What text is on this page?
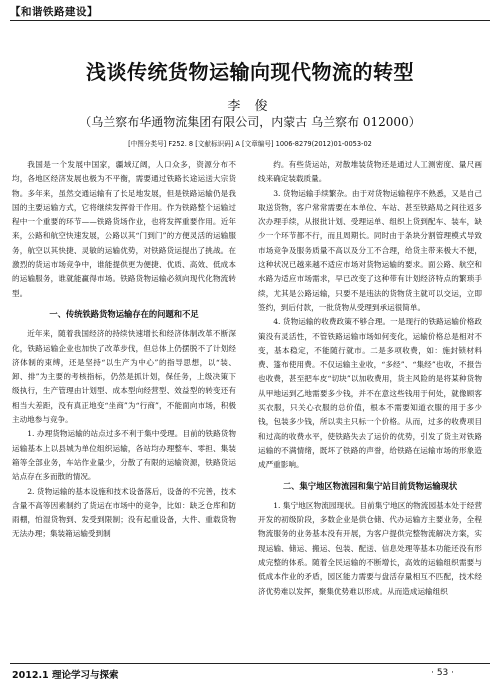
【和谐铁路建设】
浅谈传统货物运输向现代物流的转型
李 俊
（乌兰察布华通物流集团有限公司，内蒙古 乌兰察布 012000）
[中图分类号] F252. 8 [文献标识码] A [文章编号] 1006-8279(2012)01-0053-02

我国是一个发展中国家，疆域辽阔，人口众多，资源分布不均，各地区经济发展也极为不平衡，需要通过铁路长途运送大宗货物。多年来，虽然交通运输有了长足地发展，但是铁路运输仍是我国的主要运输方式，它将继续发挥骨干作用。作为铁路整个运输过程中一个重要的环节——铁路货场作业，也将发挥重要作用。近年来，公路和航空快速发展，公路以其“门到门”的方便灵活的运输服务，航空以其快捷、灵敏的运输优势，对铁路货运提出了挑战。在激烈的货运市场竞争中，谁能提供更为便捷、优质、高效、低成本的运输服务，谁就能赢得市场。铁路货物运输必须向现代化物流转型。

一、传统铁路货物运输存在的问题和不足

近年来，随着我国经济的持续快速增长和经济体制改革不断深化，铁路运输企业也加快了改革步伐，但总体上仍摆脱不了计划经济体制的束缚，还是坚持“以生产为中心”的指导思想，以“装、卸、排”为主要的考核指标，仍然是抓计划，保任务，上级决策下级执行，生产管理由计划型、成本型向经营型、效益型的转变还有相当大差距，没有真正地变“坐商”为“行商”，不能面向市场，积极主动地参与竞争。

1. 办理货物运输的站点过多不利于集中受理。目前的铁路货物运输基本上以县城为单位组织运输，各站均办理整车、零担、集装箱等全部业务，车站作业量少，分散了有限的运输资源，铁路货运站点存在多而散的情况。

2. 货物运输的基本设施和技术设备落后，设备的不完善，技术含量不高等因素制约了货运在市场中的竞争，比如：缺乏仓库和防雨棚，怕湿货物到、发受到限制；没有起重设备，大件、重载货物无法办理；集装箱运输受到制

约。有些货运站，对散堆装货物还是通过人工测密度、量尺画线来确定装载质量。

3. 货物运输手续繁杂。由于对货物运输程序不熟悉，又是自己取送货物，客户常常需要在本单位、车站、甚至铁路局之间往返多次办理手续，从报批计划、受理运单、组织上货到配车、装车，缺少一个环节都不行，而且周期长。同时由于条块分割管理模式导致市场竞争及服务质量不高以及分工不合理，给货主带来极大不便，这种状况已越来越不适应市场对货物运输的要求。面公路、航空和水路为适应市场需求，早已改变了这种带有计划经济特点的繁琐手续，尤其是公路运输，只要不是违法的货物货主就可以交运，立即签约，到后付款，一批货物从受理到承运很简单。

4. 货物运输的收费政策不够合理。一是现行的铁路运输价格政策没有灵活性，不管铁路运输市场如何变化，运输价格总是相对不变，基本稳定，不能随行就市。二是多项收费，如：施封锁材料费、篷布使用费。不仅运输主业收，“多经”、“集经”也收，不报告也收费，甚至把车皮“切块”以加收费用，货主风险的是将某种货物从甲地运到乙地需要多少钱，并不在意这些钱用于何处，就像顾客买衣服，只关心衣服的总价值，根本不需要知道衣服的用于多少钱，包装多少钱，所以卖主只标一个价格。从而，过多的收费项目和过高的收费水平，使铁路失去了运价的优势，引发了货主对铁路运输的不满情绪，既坏了铁路的声誉，给铁路在运输市场的形象造成严重影响。

二、集宁地区物流园和集宁站目前货物运输现状

1. 集宁地区物流园现状。目前集宁地区的物流园基本处于经营开发的初级阶段，多数企业是供仓储、代办运输方主要业务，全程物流服务的业务基本没有开展，为客户提供完整物流解决方案，实现运输、储运、搬运、包装、配送、信息处理等基本功能还没有形成完整的体系。随着全民运输的不断增长，高效的运输组织需要与低成本作业的矛盾，园区能力需要与盘活存量相互不匹配，技术经济优势难以发挥，聚集优势难以形成。从而造成运输组织

2012.1 理论学习与探索	· 53 ·
